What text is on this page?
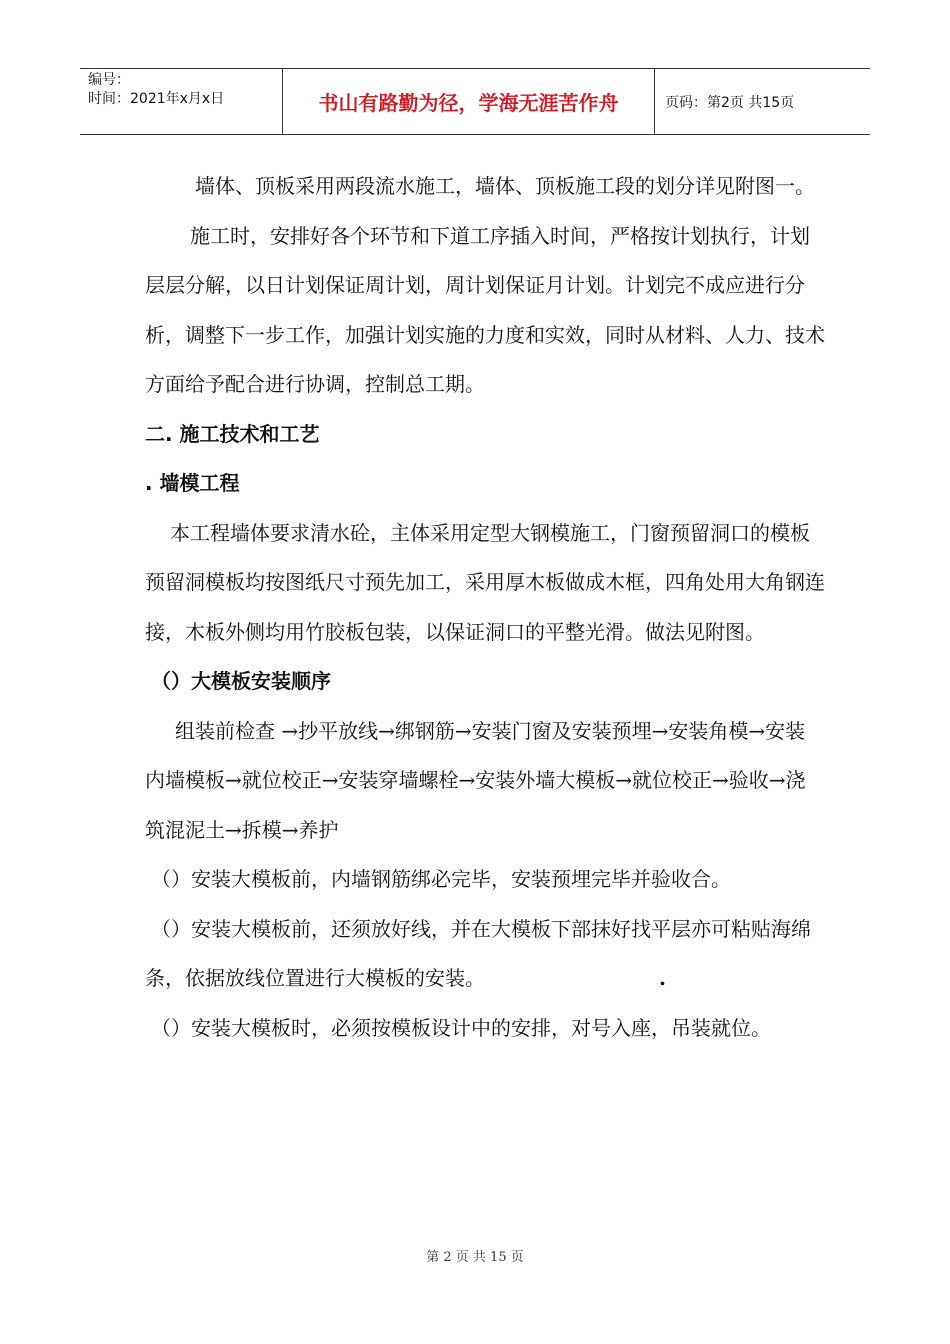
编号：
时间：2021年x月x日	书山有路勤为径，学海无涯苦作舟	页码：第2页 共15页

墙体、顶板采用两段流水施工，墙体、顶板施工段的划分详见附图一。

施工时，安排好各个环节和下道工序插入时间，严格按计划执行，计划层层分解，以日计划保证周计划，周计划保证月计划。计划完不成应进行分析，调整下一步工作，加强计划实施的力度和实效，同时从材料、人力、技术方面给予配合进行协调，控制总工期。

二. 施工技术和工艺

. 墙模工程

本工程墙体要求清水砼，主体采用定型大钢模施工，门窗预留洞口的模板预留洞模板均按图纸尺寸预先加工，采用厚木板做成木框，四角处用大角钢连接，木板外侧均用竹胶板包装，以保证洞口的平整光滑。做法见附图。

（）大模板安装顺序

组装前检查 →抄平放线→绑钢筋→安装门窗及安装预埋→安装角模→安装内墙模板→就位校正→安装穿墙螺栓→安装外墙大模板→就位校正→验收→浇筑混泥土→拆模→养护

（）安装大模板前，内墙钢筋绑必完毕，安装预埋完毕并验收合。

（）安装大模板前，还须放好线，并在大模板下部抹好找平层亦可粘贴海绵条，依据放线位置进行大模板的安装。	.

（）安装大模板时，必须按模板设计中的安排，对号入座，吊装就位。

第 2 页 共 15 页
